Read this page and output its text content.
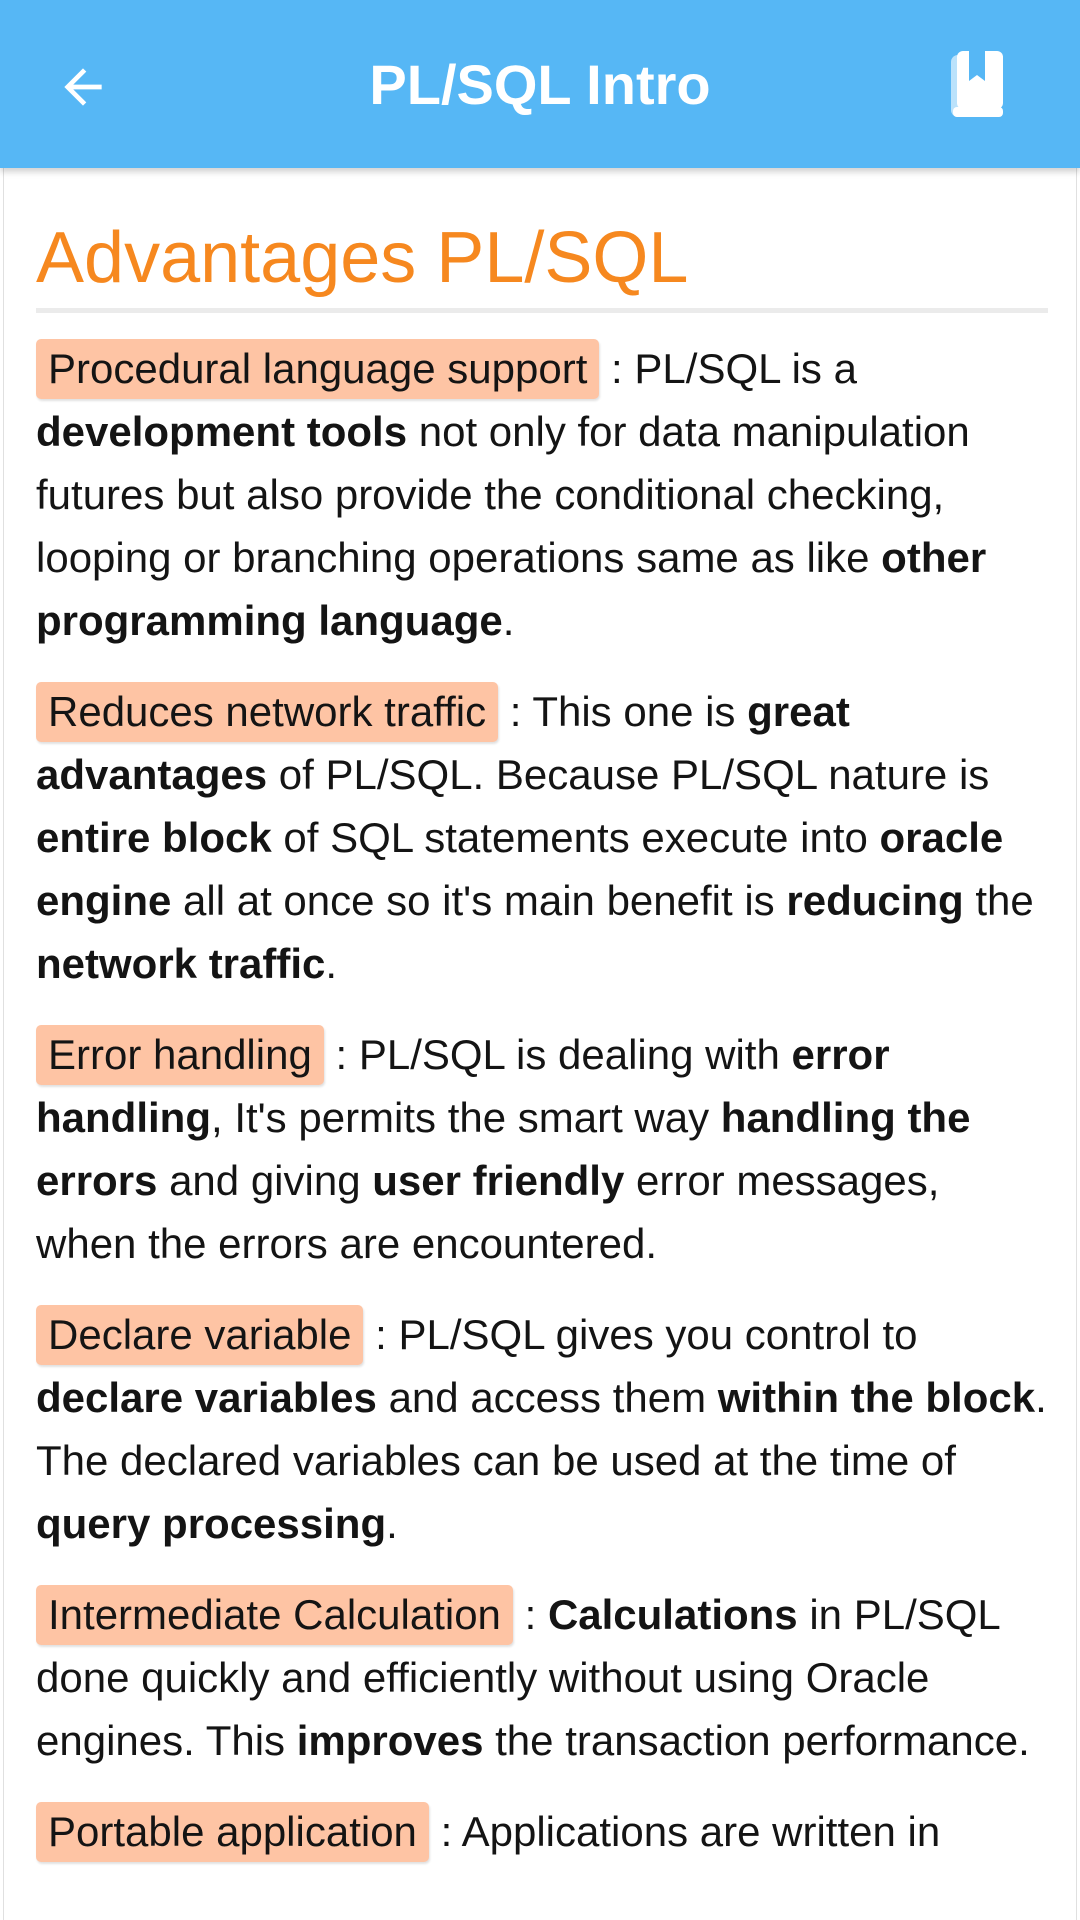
PL/SQL Intro
Advantages PL/SQL

Procedural language support : PL/SQL is a development tools not only for data manipulation futures but also provide the conditional checking, looping or branching operations same as like other programming language.

Reduces network traffic : This one is great advantages of PL/SQL. Because PL/SQL nature is entire block of SQL statements execute into oracle engine all at once so it's main benefit is reducing the network traffic.

Error handling : PL/SQL is dealing with error handling, It's permits the smart way handling the errors and giving user friendly error messages, when the errors are encountered.

Declare variable : PL/SQL gives you control to declare variables and access them within the block. The declared variables can be used at the time of query processing.

Intermediate Calculation : Calculations in PL/SQL done quickly and efficiently without using Oracle engines. This improves the transaction performance.

Portable application : Applications are written in
